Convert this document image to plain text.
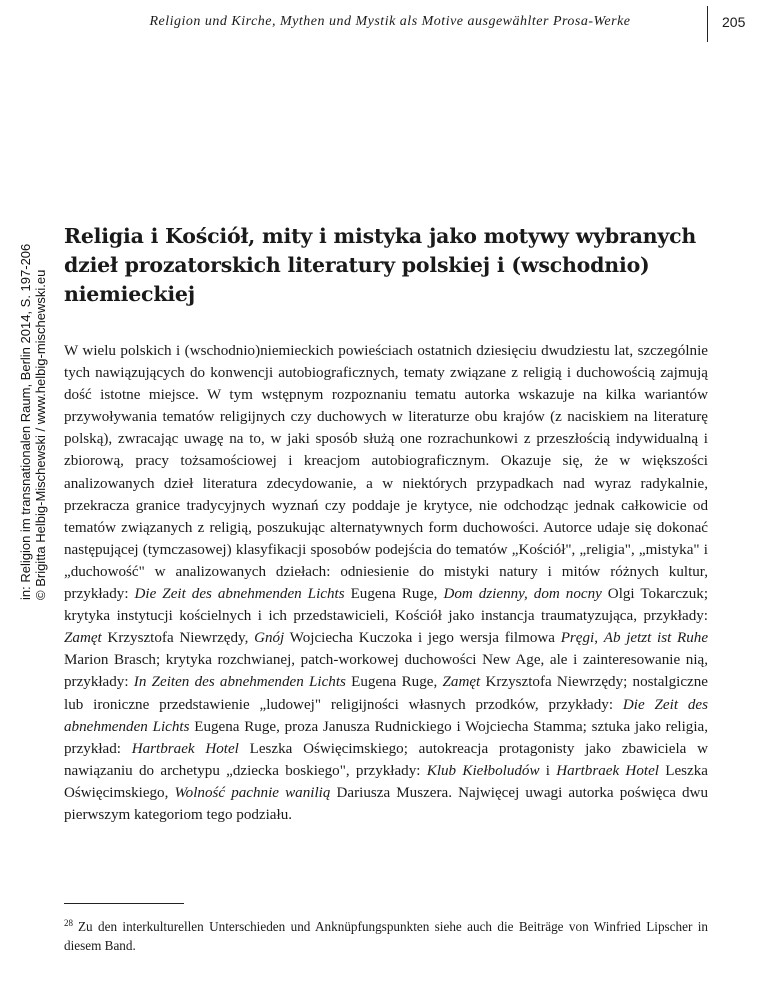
Religion und Kirche, Mythen und Mystik als Motive ausgewählter Prosa-Werke	205
in: Religion im transnationalen Raum, Berlin 2014, S. 197-206 © Brigitta Helbig-Mischewski / www.helbig-mischewski.eu
Religia i Kościół, mity i mistyka jako motywy wybranych dzieł prozatorskich literatury polskiej i (wschodnio) niemieckiej

W wielu polskich i (wschodnio)niemieckich powieściach ostatnich dziesięciu dwudziestu lat, szczególnie tych nawiązujących do konwencji autobiograficznych, tematy związane z religią i duchowością zajmują dość istotne miejsce. W tym wstępnym rozpoznaniu tematu autorka wskazuje na kilka wariantów przywoływania tematów religijnych czy duchowych w literaturze obu krajów (z naciskiem na literaturę polską), zwracając uwagę na to, w jaki sposób służą one rozrachunkowi z przeszłością indywidualną i zbiorową, pracy tożsamościowej i kreacjom autobiograficznym. Okazuje się, że w większości analizowanych dzieł literatura zdecydowanie, a w niektórych przypadkach nad wyraz radykalnie, przekracza granice tradycyjnych wyznań czy poddaje je krytyce, nie odchodząc jednak całkowicie od tematów związanych z religią, poszukując alternatywnych form duchowości. Autorce udaje się dokonać następującej (tymczasowej) klasyfikacji sposobów podejścia do tematów „Kościół", „religia", „mistyka" i „duchowość" w analizowanych dziełach: odniesienie do mistyki natury i mitów różnych kultur, przykłady: Die Zeit des abnehmenden Lichts Eugena Ruge, Dom dzienny, dom nocny Olgi Tokarczuk; krytyka instytucji kościelnych i ich przedstawicieli, Kościół jako instancja traumatyzująca, przykłady: Zamęt Krzysztofa Niewrzędy, Gnój Wojciecha Kuczoka i jego wersja filmowa Pręgi, Ab jetzt ist Ruhe Marion Brasch; krytyka rozchwianej, patch-workowej duchowości New Age, ale i zainteresowanie nią, przykłady: In Zeiten des abnehmenden Lichts Eugena Ruge, Zamęt Krzysztofa Niewrzędy; nostalgiczne lub ironiczne przedstawienie „ludowej" religijności własnych przodków, przykłady: Die Zeit des abnehmenden Lichts Eugena Ruge, proza Janusza Rudnickiego i Wojciecha Stamma; sztuka jako religia, przykład: Hartbraek Hotel Leszka Oświęcimskiego; autokreacja protagonisty jako zbawiciela w nawiązaniu do archetypu „dziecka boskiego", przykłady: Klub Kiełboludów i Hartbraek Hotel Leszka Oświęcimskiego, Wolność pachnie wanilią Dariusza Muszera. Najwięcej uwagi autorka poświęca dwu pierwszym kategoriom tego podziału.

$^{28}$ Zu den interkulturellen Unterschieden und Anknüpfungspunkten siehe auch die Beiträge von Winfried Lipscher in diesem Band.
